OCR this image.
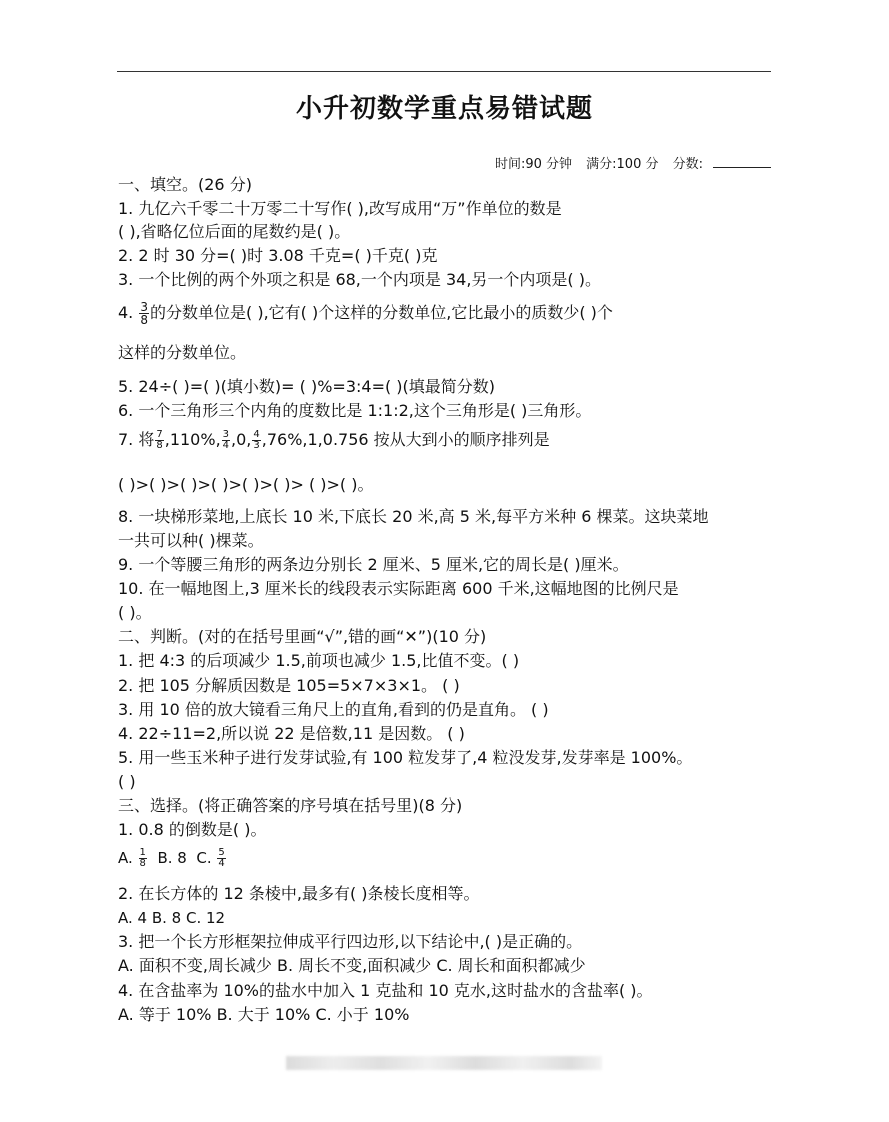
小升初数学重点易错试题
时间:90 分钟 满分:100 分 分数:
一、填空。(26 分)
1. 九亿六千零二十万零二十写作( ),改写成用“万”作单位的数是
( ),省略亿位后面的尾数约是( )。
2. 2 时 30 分=( )时 3.08 千克=( )千克( )克
3. 一个比例的两个外项之积是 68,一个内项是 34,另一个内项是( )。
4. $\frac{3}{8}$ 的分数单位是( ),它有( )个这样的分数单位,它比最小的质数少( )个
这样的分数单位。
5. 24÷( )=( )(填小数)= ( )%=3:4=( )(填最简分数)
6. 一个三角形三个内角的度数比是 1:1:2,这个三角形是( )三角形。
7. 将 $\frac{7}{8} ,110\%$, $\frac{3}{4} ,0$, $\frac{4}{3} ,76\%,1,0.756$ 按从大到小的顺序排列是
( )>( )>( )>( )>( )>( )> ( )>( )。
8. 一块梯形菜地,上底长 10 米,下底长 20 米,高 5 米,每平方米种 6 棵菜。这块菜地
一共可以种( )棵菜。
9. 一个等腰三角形的两条边分别长 2 厘米、5 厘米,它的周长是( )厘米。
10. 在一幅地图上,3 厘米长的线段表示实际距离 600 千米,这幅地图的比例尺是
( )。
二、判断。(对的在括号里画“√”,错的画“✕”)(10 分)
1. 把 4:3 的后项减少 1.5,前项也减少 1.5,比值不变。( )
2. 把 105 分解质因数是 105=5×7×3×1。 ( )
3. 用 10 倍的放大镜看三角尺上的直角,看到的仍是直角。 ( )
4. 22÷11=2,所以说 22 是倍数,11 是因数。 ( )
5. 用一些玉米种子进行发芽试验,有 100 粒发芽了,4 粒没发芽,发芽率是 100%。
( )
三、选择。(将正确答案的序号填在括号里)(8 分)
1. 0.8 的倒数是( )。
A. $\frac{1}{8} B$. 8 C. $\frac{5}{4}$
2. 在长方体的 12 条棱中,最多有( )条棱长度相等。
A. 4 B. 8 C. 12
3. 把一个长方形框架拉伸成平行四边形,以下结论中,( )是正确的。
A. 面积不变,周长减少 B. 周长不变,面积减少 C. 周长和面积都减少
4. 在含盐率为 10%的盐水中加入 1 克盐和 10 克水,这时盐水的含盐率( )。
A. 等于 10% B. 大于 10% C. 小于 10%
